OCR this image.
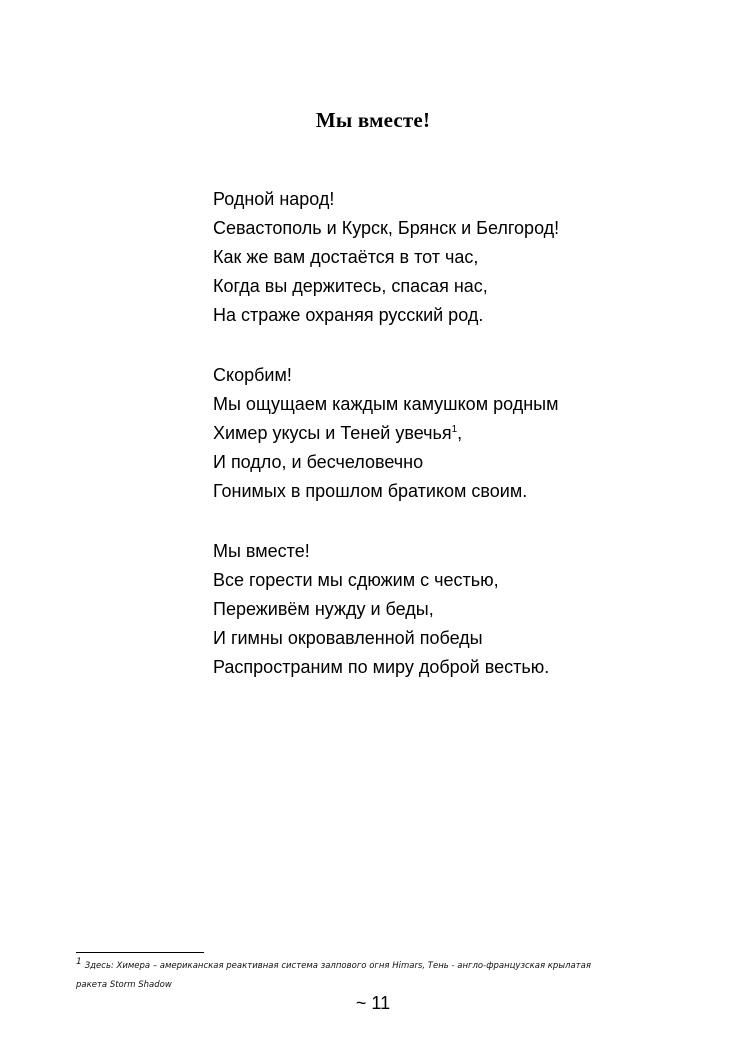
Мы вместе!
Родной народ!
Севастополь и Курск, Брянск и Белгород!
Как же вам достаётся в тот час,
Когда вы держитесь, спасая нас,
На страже охраняя русский род.
Скорбим!
Мы ощущаем каждым камушком родным
Химер укусы и Теней увечья$^1$,
И подло, и бесчеловечно
Гонимых в прошлом братиком своим.
Мы вместе!
Все горести мы сдюжим с честью,
Переживём нужду и беды,
И гимны окровавленной победы
Распространим по миру доброй вестью.
$^1$ Здесь: Химера – американская реактивная система залпового огня Himars, Тень - англо-французская крылатая
ракета Storm Shadow
~ 11
